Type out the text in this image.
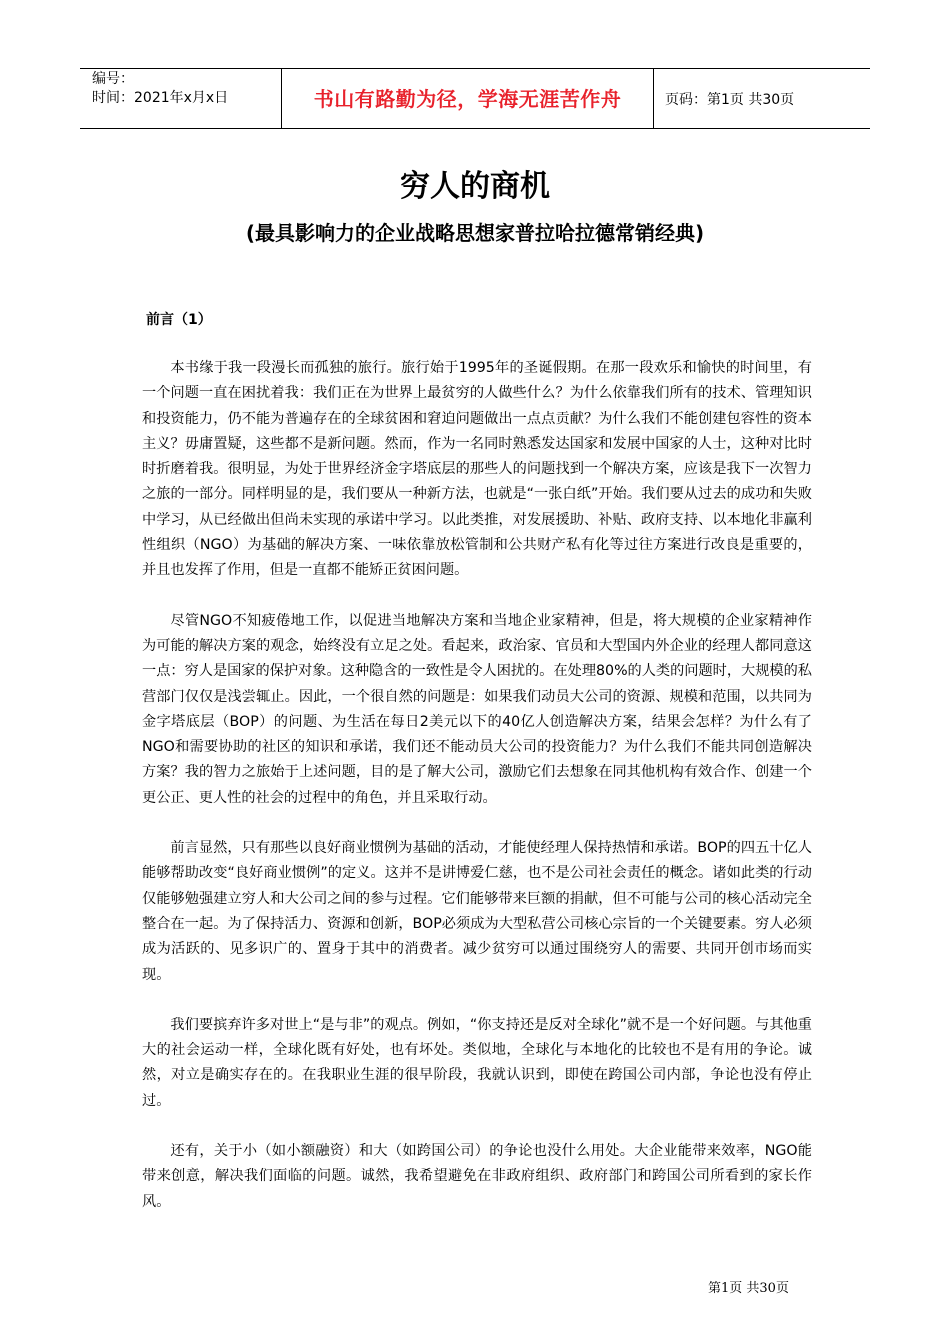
编号：
时间：2021年x月x日	书山有路勤为径，学海无涯苦作舟	页码：第1页 共30页
穷人的商机
(最具影响力的企业战略思想家普拉哈拉德常销经典)
前言（1）

本书缘于我一段漫长而孤独的旅行。旅行始于1995年的圣诞假期。在那一段欢乐和愉快的时间里，有一个问题一直在困扰着我：我们正在为世界上最贫穷的人做些什么？为什么依靠我们所有的技术、管理知识和投资能力，仍不能为普遍存在的全球贫困和窘迫问题做出一点点贡献？为什么我们不能创建包容性的资本主义？毋庸置疑，这些都不是新问题。然而，作为一名同时熟悉发达国家和发展中国家的人士，这种对比时时折磨着我。很明显，为处于世界经济金字塔底层的那些人的问题找到一个解决方案，应该是我下一次智力之旅的一部分。同样明显的是，我们要从一种新方法，也就是“一张白纸”开始。我们要从过去的成功和失败中学习，从已经做出但尚未实现的承诺中学习。以此类推，对发展援助、补贴、政府支持、以本地化非赢利性组织（NGO）为基础的解决方案、一味依靠放松管制和公共财产私有化等过往方案进行改良是重要的，并且也发挥了作用，但是一直都不能矫正贫困问题。

尽管NGO不知疲倦地工作，以促进当地解决方案和当地企业家精神，但是，将大规模的企业家精神作为可能的解决方案的观念，始终没有立足之处。看起来，政治家、官员和大型国内外企业的经理人都同意这一点：穷人是国家的保护对象。这种隐含的一致性是令人困扰的。在处理80%的人类的问题时，大规模的私营部门仅仅是浅尝辄止。因此，一个很自然的问题是：如果我们动员大公司的资源、规模和范围，以共同为金字塔底层（BOP）的问题、为生活在每日2美元以下的40亿人创造解决方案，结果会怎样？为什么有了NGO和需要协助的社区的知识和承诺，我们还不能动员大公司的投资能力？为什么我们不能共同创造解决方案？我的智力之旅始于上述问题，目的是了解大公司，激励它们去想象在同其他机构有效合作、创建一个更公正、更人性的社会的过程中的角色，并且采取行动。

前言显然，只有那些以良好商业惯例为基础的活动，才能使经理人保持热情和承诺。BOP的四五十亿人能够帮助改变“良好商业惯例”的定义。这并不是讲博爱仁慈，也不是公司社会责任的概念。诸如此类的行动仅能够勉强建立穷人和大公司之间的参与过程。它们能够带来巨额的捐献，但不可能与公司的核心活动完全整合在一起。为了保持活力、资源和创新，BOP必须成为大型私营公司核心宗旨的一个关键要素。穷人必须成为活跃的、见多识广的、置身于其中的消费者。减少贫穷可以通过围绕穷人的需要、共同开创市场而实现。

我们要摈弃许多对世上“是与非”的观点。例如，“你支持还是反对全球化”就不是一个好问题。与其他重大的社会运动一样，全球化既有好处，也有坏处。类似地，全球化与本地化的比较也不是有用的争论。诚然，对立是确实存在的。在我职业生涯的很早阶段，我就认识到，即使在跨国公司内部，争论也没有停止过。

还有，关于小（如小额融资）和大（如跨国公司）的争论也没什么用处。大企业能带来效率，NGO能带来创意，解决我们面临的问题。诚然，我希望避免在非政府组织、政府部门和跨国公司所看到的家长作风。

第1页 共30页
